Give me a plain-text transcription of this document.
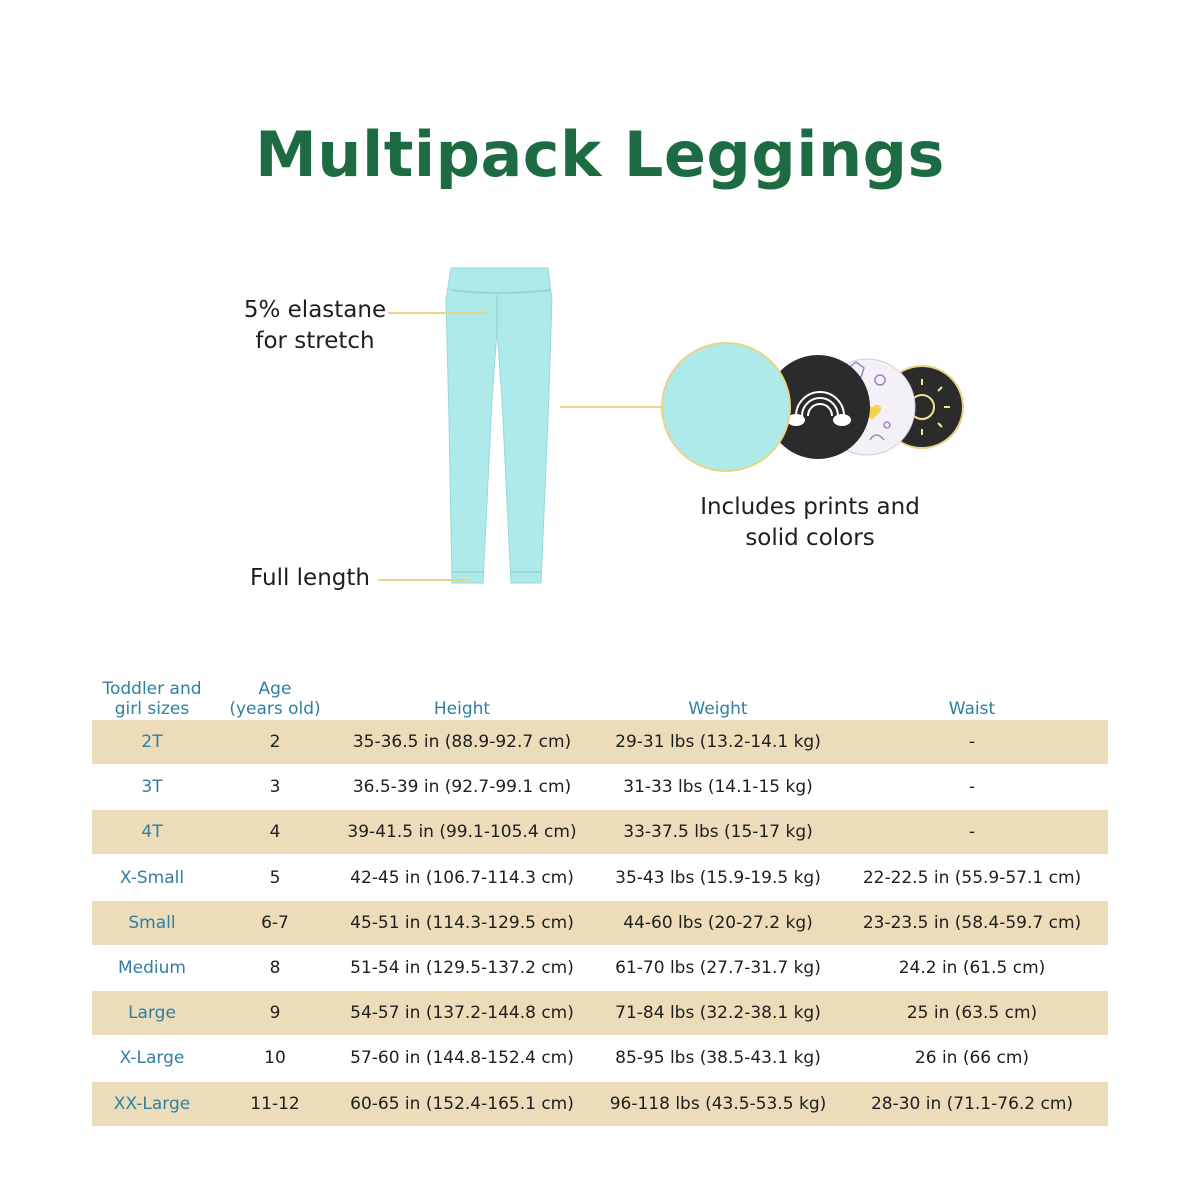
Multipack Leggings
5% elastane
for stretch
Full length
Includes prints and
solid colors
Toddler and
girl sizes
Age
(years old)	Height	Weight	Waist
2T	2	35-36.5 in (88.9-92.7 cm)	29-31 lbs (13.2-14.1 kg)	-
3T	3	36.5-39 in (92.7-99.1 cm)	31-33 lbs (14.1-15 kg)	-
4T	4	39-41.5 in (99.1-105.4 cm)	33-37.5 lbs (15-17 kg)	-
X-Small	5	42-45 in (106.7-114.3 cm)	35-43 lbs (15.9-19.5 kg)	22-22.5 in (55.9-57.1 cm)
Small	6-7	45-51 in (114.3-129.5 cm)	44-60 lbs (20-27.2 kg)	23-23.5 in (58.4-59.7 cm)
Medium	8	51-54 in (129.5-137.2 cm)	61-70 lbs (27.7-31.7 kg)	24.2 in (61.5 cm)
Large	9	54-57 in (137.2-144.8 cm)	71-84 lbs (32.2-38.1 kg)	25 in (63.5 cm)
X-Large	10	57-60 in (144.8-152.4 cm)	85-95 lbs (38.5-43.1 kg)	26 in (66 cm)
XX-Large	11-12	60-65 in (152.4-165.1 cm)	96-118 lbs (43.5-53.5 kg)	28-30 in (71.1-76.2 cm)
